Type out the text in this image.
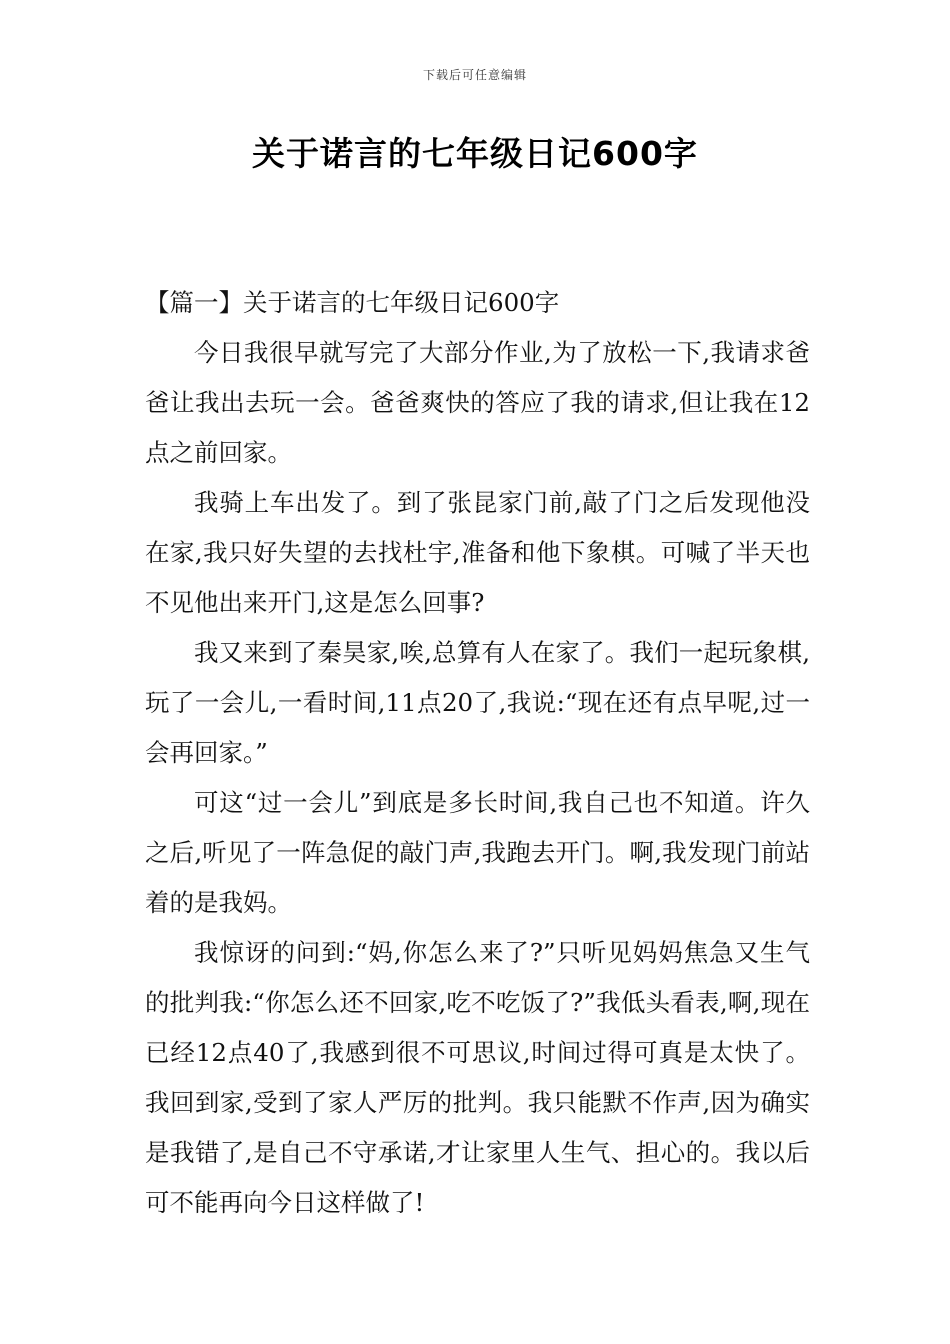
下载后可任意编辑
关于诺言的七年级日记600字

【篇一】关于诺言的七年级日记600字

今日我很早就写完了大部分作业,为了放松一下,我请求爸爸让我出去玩一会。爸爸爽快的答应了我的请求,但让我在12点之前回家。

我骑上车出发了。到了张昆家门前,敲了门之后发现他没在家,我只好失望的去找杜宇,准备和他下象棋。可喊了半天也不见他出来开门,这是怎么回事?

我又来到了秦昊家,唉,总算有人在家了。我们一起玩象棋,玩了一会儿,一看时间,11点20了,我说:“现在还有点早呢,过一会再回家。”

可这“过一会儿”到底是多长时间,我自己也不知道。许久之后,听见了一阵急促的敲门声,我跑去开门。啊,我发现门前站着的是我妈。

我惊讶的问到:“妈,你怎么来了?”只听见妈妈焦急又生气的批判我:“你怎么还不回家,吃不吃饭了?”我低头看表,啊,现在已经12点40了,我感到很不可思议,时间过得可真是太快了。我回到家,受到了家人严厉的批判。我只能默不作声,因为确实是我错了,是自己不守承诺,才让家里人生气、担心的。我以后可不能再向今日这样做了!
